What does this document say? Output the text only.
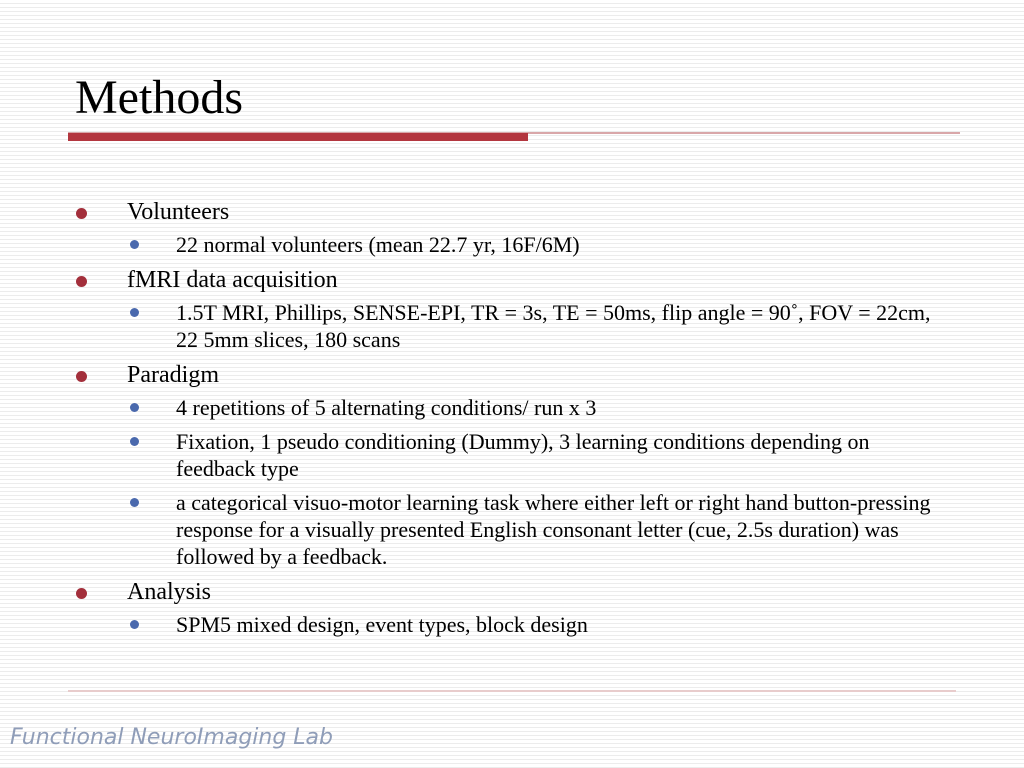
Methods
Volunteers
22 normal volunteers (mean 22.7 yr, 16F/6M)
fMRI data acquisition
1.5T MRI, Phillips, SENSE-EPI, TR = 3s, TE = 50ms, flip angle = 90˚, FOV = 22cm, 22 5mm slices, 180 scans
Paradigm
4 repetitions of 5 alternating conditions/ run x 3
Fixation, 1 pseudo conditioning (Dummy), 3 learning conditions depending on feedback type
a categorical visuo-motor learning task where either left or right hand button-pressing response for a visually presented English consonant letter (cue, 2.5s duration) was followed by a feedback.
Analysis
SPM5 mixed design, event types, block design
Functional NeuroImaging Lab
